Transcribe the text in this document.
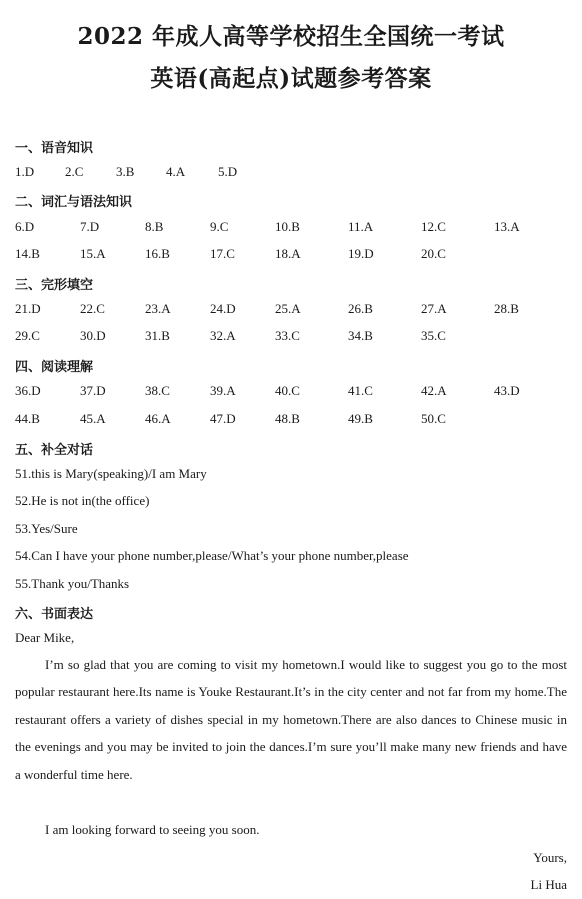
2022 年成人高等学校招生全国统一考试
英语(高起点)试题参考答案
一、语音知识
1.D 2.C	3.B 4.A	5.D
二、词汇与语法知识
6.D	7.D	8.B	9.C	10.B	11.A	12.C	13.A
14.B	15.A	16.B	17.C	18.A	19.D	20.C
三、完形填空
21.D	22.C	23.A	24.D	25.A	26.B	27.A	28.B
29.C	30.D	31.B	32.A	33.C	34.B	35.C
四、阅读理解
36.D	37.D	38.C	39.A	40.C	41.C	42.A	43.D
44.B	45.A	46.A	47.D	48.B	49.B	50.C
五、补全对话
51.this is Mary(speaking)/I am Mary
52.He is not in(the office)
53.Yes/Sure
54.Can I have your phone number,please/What’s your phone number,please
55.Thank you/Thanks
六、书面表达
Dear Mike,
I’m so glad that you are coming to visit my hometown.I would like to suggest you go to the most popular restaurant here.Its name is Youke Restaurant.It’s in the city center and not far from my home.The restaurant offers a variety of dishes special in my hometown.There are also dances to Chinese music in the evenings and you may be invited to join the dances.I’m sure you’ll make many new friends and have a wonderful time here.
I am looking forward to seeing you soon.
Yours,
Li Hua
